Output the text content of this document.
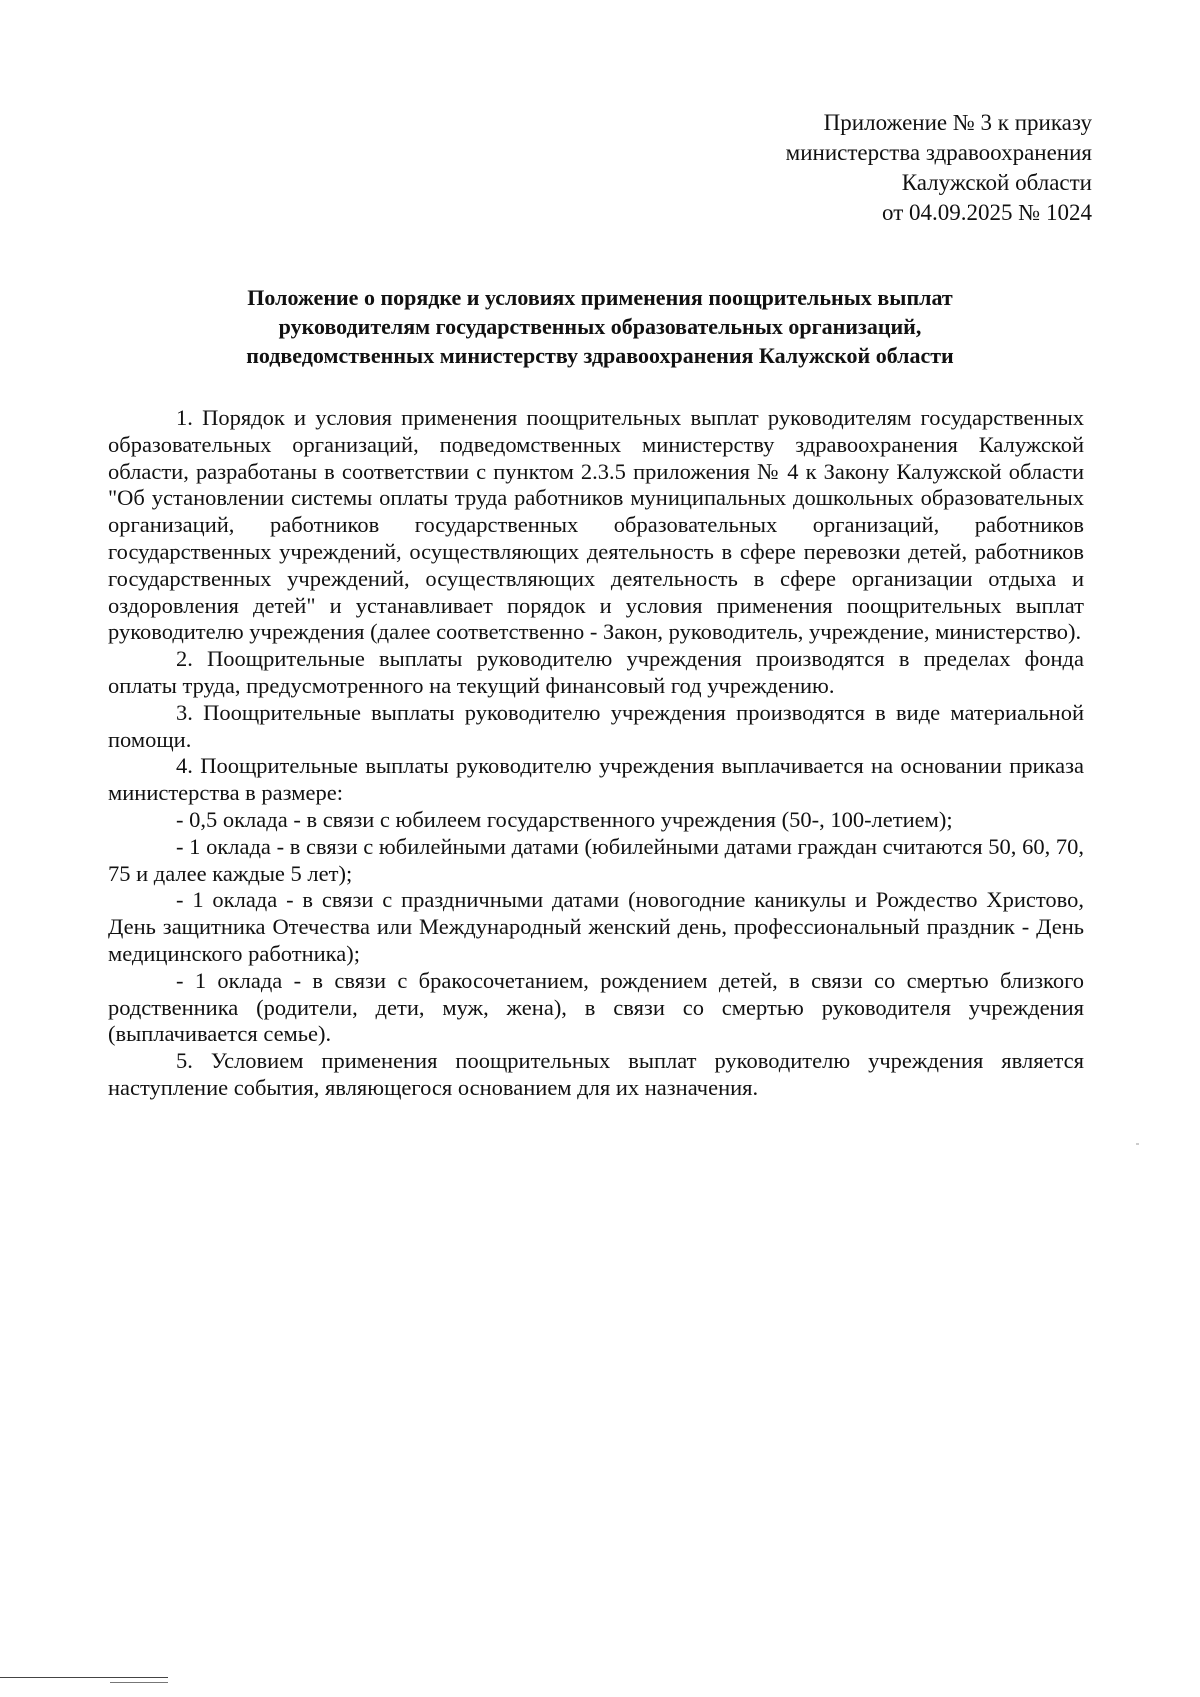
Приложение № 3 к приказу
министерства здравоохранения
Калужской области
от 04.09.2025 № 1024
Положение о порядке и условиях применения поощрительных выплат
руководителям государственных образовательных организаций,
подведомственных министерству здравоохранения Калужской области

1. Порядок и условия применения поощрительных выплат руководителям государственных образовательных организаций, подведомственных министерству здравоохранения Калужской области, разработаны в соответствии с пунктом 2.3.5 приложения № 4 к Закону Калужской области "Об установлении системы оплаты труда работников муниципальных дошкольных образовательных организаций, работников государственных образовательных организаций, работников государственных учреждений, осуществляющих деятельность в сфере перевозки детей, работников государственных учреждений, осуществляющих деятельность в сфере организации отдыха и оздоровления детей" и устанавливает порядок и условия применения поощрительных выплат руководителю учреждения (далее соответственно - Закон, руководитель, учреждение, министерство).

2. Поощрительные выплаты руководителю учреждения производятся в пределах фонда оплаты труда, предусмотренного на текущий финансовый год учреждению.

3. Поощрительные выплаты руководителю учреждения производятся в виде материальной помощи.

4. Поощрительные выплаты руководителю учреждения выплачивается на основании приказа министерства в размере:

- 0,5 оклада - в связи с юбилеем государственного учреждения (50-, 100-летием);

- 1 оклада - в связи с юбилейными датами (юбилейными датами граждан считаются 50, 60, 70, 75 и далее каждые 5 лет);

- 1 оклада - в связи с праздничными датами (новогодние каникулы и Рождество Христово, День защитника Отечества или Международный женский день, профессиональный праздник - День медицинского работника);

- 1 оклада - в связи с бракосочетанием, рождением детей, в связи со смертью близкого родственника (родители, дети, муж, жена), в связи со смертью руководителя учреждения (выплачивается семье).

5. Условием применения поощрительных выплат руководителю учреждения является наступление события, являющегося основанием для их назначения.
